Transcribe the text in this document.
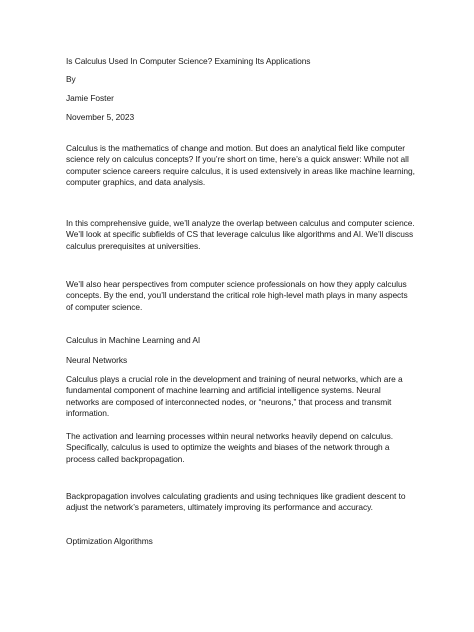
Is Calculus Used In Computer Science? Examining Its Applications

By

Jamie Foster

November 5, 2023

Calculus is the mathematics of change and motion. But does an analytical field like computer science rely on calculus concepts? If you’re short on time, here’s a quick answer: While not all computer science careers require calculus, it is used extensively in areas like machine learning, computer graphics, and data analysis.

In this comprehensive guide, we’ll analyze the overlap between calculus and computer science. We’ll look at specific subfields of CS that leverage calculus like algorithms and AI. We’ll discuss calculus prerequisites at universities.

We’ll also hear perspectives from computer science professionals on how they apply calculus concepts. By the end, you’ll understand the critical role high-level math plays in many aspects of computer science.

Calculus in Machine Learning and AI

Neural Networks

Calculus plays a crucial role in the development and training of neural networks, which are a fundamental component of machine learning and artificial intelligence systems. Neural networks are composed of interconnected nodes, or “neurons,” that process and transmit information.

The activation and learning processes within neural networks heavily depend on calculus. Specifically, calculus is used to optimize the weights and biases of the network through a process called backpropagation.

Backpropagation involves calculating gradients and using techniques like gradient descent to adjust the network’s parameters, ultimately improving its performance and accuracy.

Optimization Algorithms
